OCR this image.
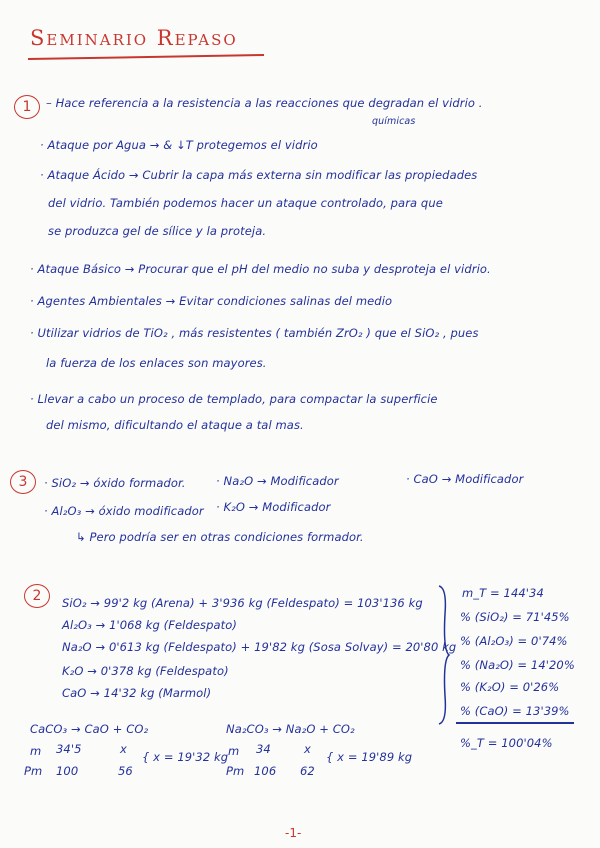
Seminario Repaso
1	– Hace referencia a la resistencia a las reacciones que degradan el vidrio .
químicas
· Ataque por Agua → & ↓T protegemos el vidrio
· Ataque Ácido → Cubrir la capa más externa sin modificar las propiedades
del vidrio. También podemos hacer un ataque controlado, para que
se produzca gel de sílice y la proteja.
· Ataque Básico → Procurar que el pH del medio no suba y desproteja el vidrio.
· Agentes Ambientales → Evitar condiciones salinas del medio
· Utilizar vidrios de TiO₂ , más resistentes ( también ZrO₂ ) que el SiO₂ , pues
la fuerza de los enlaces son mayores.
· Llevar a cabo un proceso de templado, para compactar la superficie
del mismo, dificultando el ataque a tal mas.
3	· SiO₂ → óxido formador.	· Na₂O → Modificador	· CaO → Modificador
· Al₂O₃ → óxido modificador · K₂O → Modificador
↳ Pero podría ser en otras condiciones formador.
2	SiO₂ → 99'2 kg (Arena) + 3'936 kg (Feldespato) = 103'136 kg
Al₂O₃ → 1'068 kg (Feldespato)
Na₂O → 0'613 kg (Feldespato) + 19'82 kg (Sosa Solvay) = 20'80 kg
K₂O → 0'378 kg (Feldespato)
CaO → 14'32 kg (Marmol)
m_T = 144'34
% (SiO₂) = 71'45%
% (Al₂O₃) = 0'74%
% (Na₂O) = 14'20%
% (K₂O) = 0'26%
% (CaO) = 13'39%
%_T = 100'04%
CaCO₃ → CaO + CO₂
m 34'5	x
Pm 100	56
{ x = 19'32 kg
Na₂CO₃ → Na₂O + CO₂
m 34	x
Pm 106 62
{ x = 19'89 kg
-1-
